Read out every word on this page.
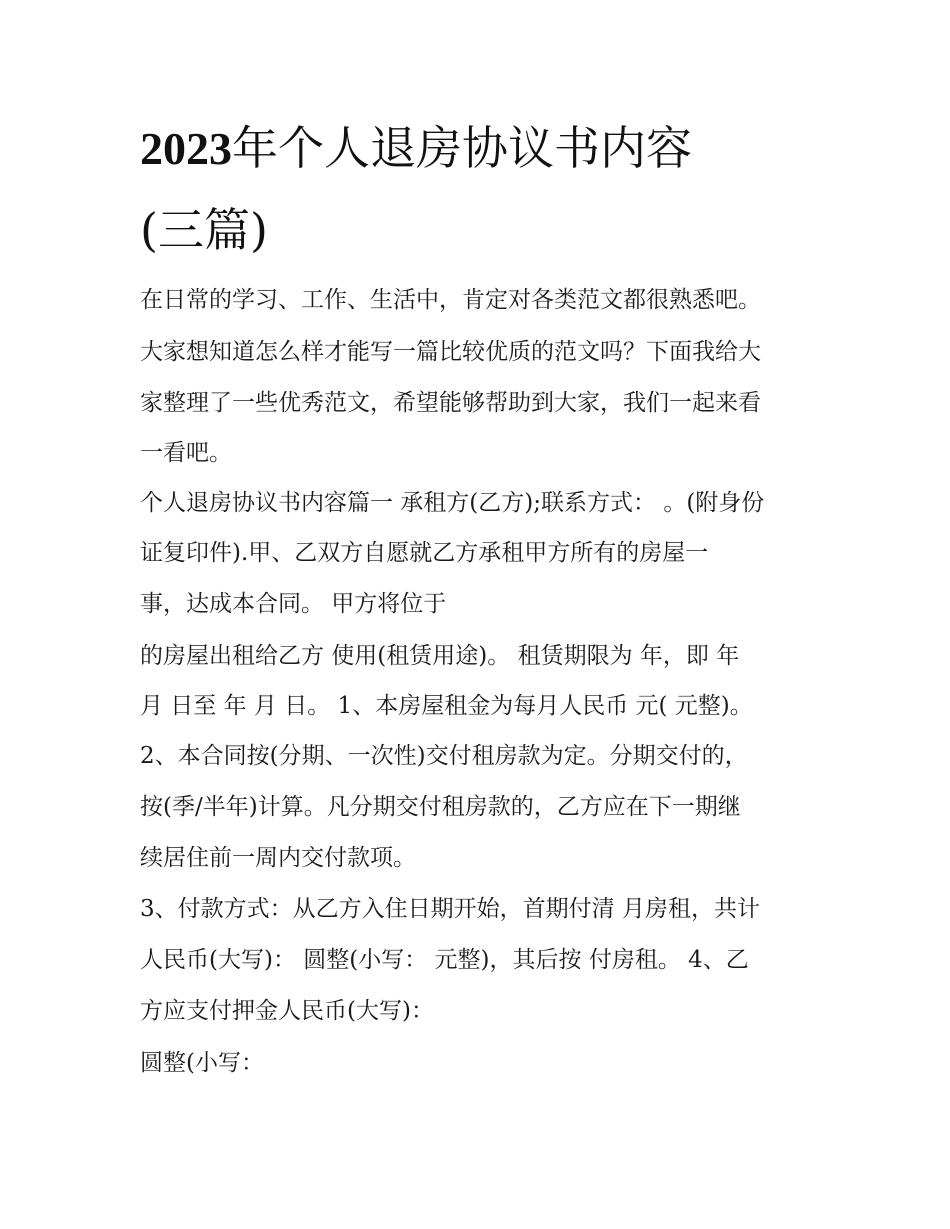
2023年个人退房协议书内容
(三篇)
在日常的学习、工作、生活中，肯定对各类范文都很熟悉吧。
大家想知道怎么样才能写一篇比较优质的范文吗？下面我给大
家整理了一些优秀范文，希望能够帮助到大家，我们一起来看
一看吧。
个人退房协议书内容篇一 承租方(乙方);联系方式： 。(附身份
证复印件).甲、乙双方自愿就乙方承租甲方所有的房屋一
事，达成本合同。 甲方将位于
的房屋出租给乙方 使用(租赁用途)。 租赁期限为 年，即 年
月 日至 年 月 日。 1、本房屋租金为每月人民币 元( 元整)。
2、本合同按(分期、一次性)交付租房款为定。分期交付的，
按(季/半年)计算。凡分期交付租房款的，乙方应在下一期继
续居住前一周内交付款项。
3、付款方式：从乙方入住日期开始，首期付清 月房租，共计
人民币(大写)： 圆整(小写： 元整)，其后按 付房租。 4、乙
方应支付押金人民币(大写)：
圆整(小写：
